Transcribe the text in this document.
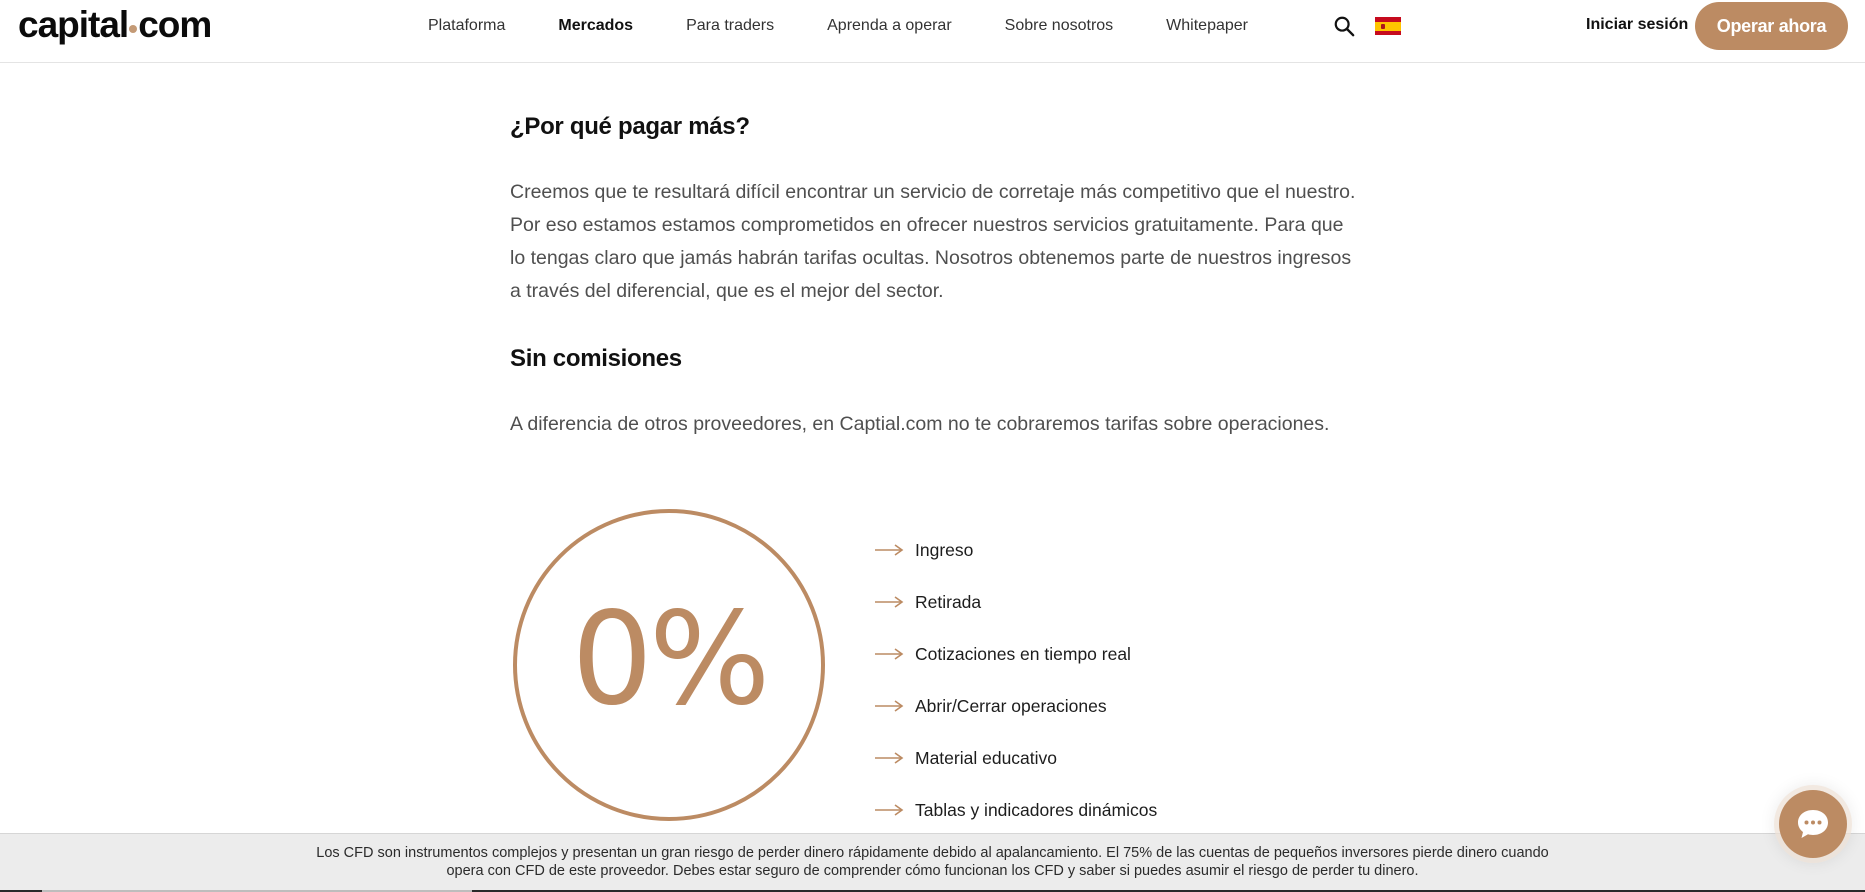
capital com	Plataforma	Mercados	Para traders	Aprenda a operar	Sobre nosotros	Whitepaper	Iniciar sesión	Operar ahora
¿Por qué pagar más?

Creemos que te resultará difícil encontrar un servicio de corretaje más competitivo que el nuestro. Por eso estamos estamos comprometidos en ofrecer nuestros servicios gratuitamente. Para que lo tengas claro que jamás habrán tarifas ocultas. Nosotros obtenemos parte de nuestros ingresos a través del diferencial, que es el mejor del sector.

Sin comisiones

A diferencia de otros proveedores, en Captial.com no te cobraremos tarifas sobre operaciones.

0%
Ingreso
Retirada
Cotizaciones en tiempo real
Abrir/Cerrar operaciones
Material educativo
Tablas y indicadores dinámicos

Los CFD son instrumentos complejos y presentan un gran riesgo de perder dinero rápidamente debido al apalancamiento. El 75% de las cuentas de pequeños inversores pierde dinero cuando opera con CFD de este proveedor. Debes estar seguro de comprender cómo funcionan los CFD y saber si puedes asumir el riesgo de perder tu dinero.
